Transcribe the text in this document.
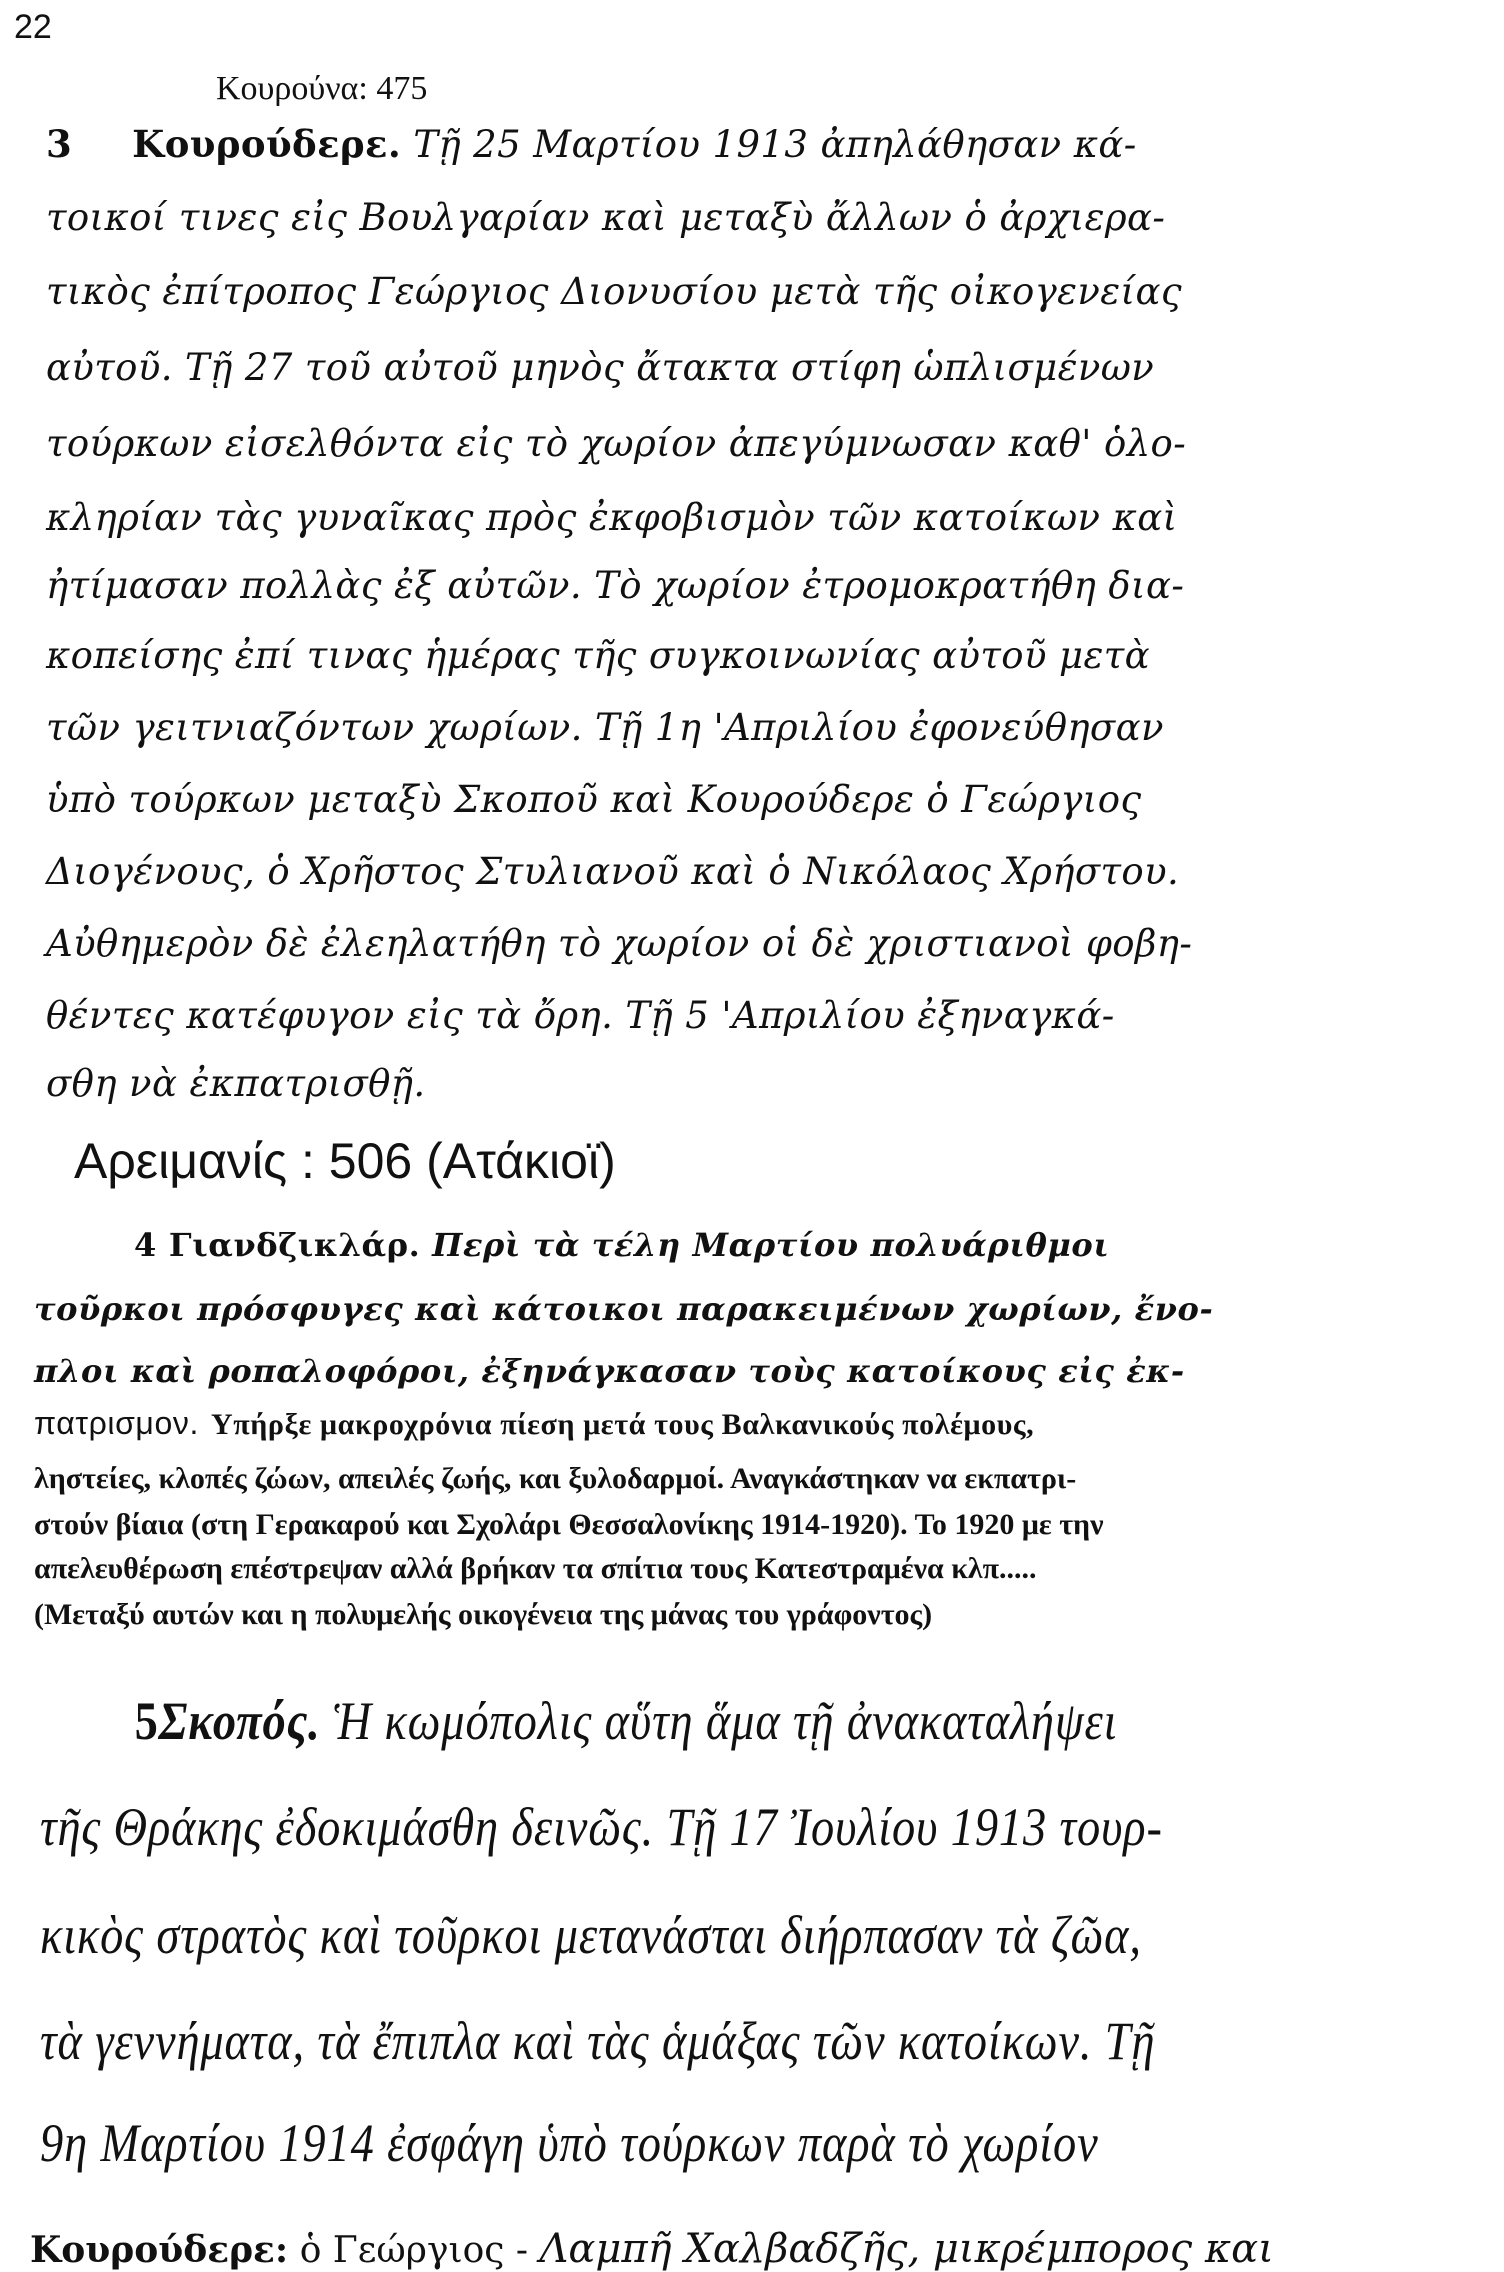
22
Κουρούνα: 475
3 Κουρούδερε. Τῇ 25 Μαρτίου 1913 ἀπηλάθησαν κά-
τοικοί τινες εἰς Βουλγαρίαν καὶ μεταξὺ ἄλλων ὁ ἀρχιερα-
τικὸς ἐπίτροπος Γεώργιος Διονυσίου μετὰ τῆς οἰκογενείας
αὐτοῦ. Τῇ 27 τοῦ αὐτοῦ μηνὸς ἄτακτα στίφη ὡπλισμένων
τούρκων εἰσελθόντα εἰς τὸ χωρίον ἀπεγύμνωσαν καθ' ὁλο-
κληρίαν τὰς γυναῖκας πρὸς ἐκφοβισμὸν τῶν κατοίκων καὶ
ἠτίμασαν πολλὰς ἐξ αὐτῶν. Τὸ χωρίον ἐτρομοκρατήθη δια-
κοπείσης ἐπί τινας ἡμέρας τῆς συγκοινωνίας αὐτοῦ μετὰ
τῶν γειτνιαζόντων χωρίων. Τῇ 1η 'Απριλίου ἐφονεύθησαν
ὑπὸ τούρκων μεταξὺ Σκοποῦ καὶ Κουρούδερε ὁ Γεώργιος
Διογένους, ὁ Χρῆστος Στυλιανοῦ καὶ ὁ Νικόλαος Χρήστου.
Αὐθημερὸν δὲ ἐλεηλατήθη τὸ χωρίον οἱ δὲ χριστιανοὶ φοβη-
θέντες κατέφυγον εἰς τὰ ὄρη. Τῇ 5 'Απριλίου ἐξηναγκά-
σθη νὰ ἐκπατρισθῇ.
Αρειμανίς : 506 (Ατάκιοϊ)
4 Γιανδζικλάρ. Περὶ τὰ τέλη Μαρτίου πολυάριθμοι
τοῦρκοι πρόσφυγες καὶ κάτοικοι παρακειμένων χωρίων, ἔνο-
πλοι καὶ ροπαλοφόροι, ἐξηνάγκασαν τοὺς κατοίκους εἰς ἐκ-
πατρισμον. Υπήρξε μακροχρόνια πίεση μετά τους Βαλκανικούς πολέμους,
ληστείες, κλοπές ζώων, απειλές ζωής, και ξυλοδαρμοί. Αναγκάστηκαν να εκπατρι-
στούν βίαια (στη Γερακαρού και Σχολάρι Θεσσαλονίκης 1914-1920). Το 1920 με την
απελευθέρωση επέστρεψαν αλλά βρήκαν τα σπίτια τους Κατεστραμένα κλπ.....
(Μεταξύ αυτών και η πολυμελής οικογένεια της μάνας του γράφοντος)
5Σκοπός. Ἡ κωμόπολις αὕτη ἅμα τῇ ἀνακαταλήψει
τῆς Θράκης ἐδοκιμάσθη δεινῶς. Τῇ 17 Ἰουλίου 1913 τουρ-
κικὸς στρατὸς καὶ τοῦρκοι μετανάσται διήρπασαν τὰ ζῶα,
τὰ γεννήματα, τὰ ἔπιπλα καὶ τὰς ἁμάξας τῶν κατοίκων. Τῇ
9η Μαρτίου 1914 ἐσφάγη ὑπὸ τούρκων παρὰ τὸ χωρίον
Κουρούδερε: ὁ Γεώργιος - Λαμπῆ Χαλβαδζῆς, μικρέμπορος και
